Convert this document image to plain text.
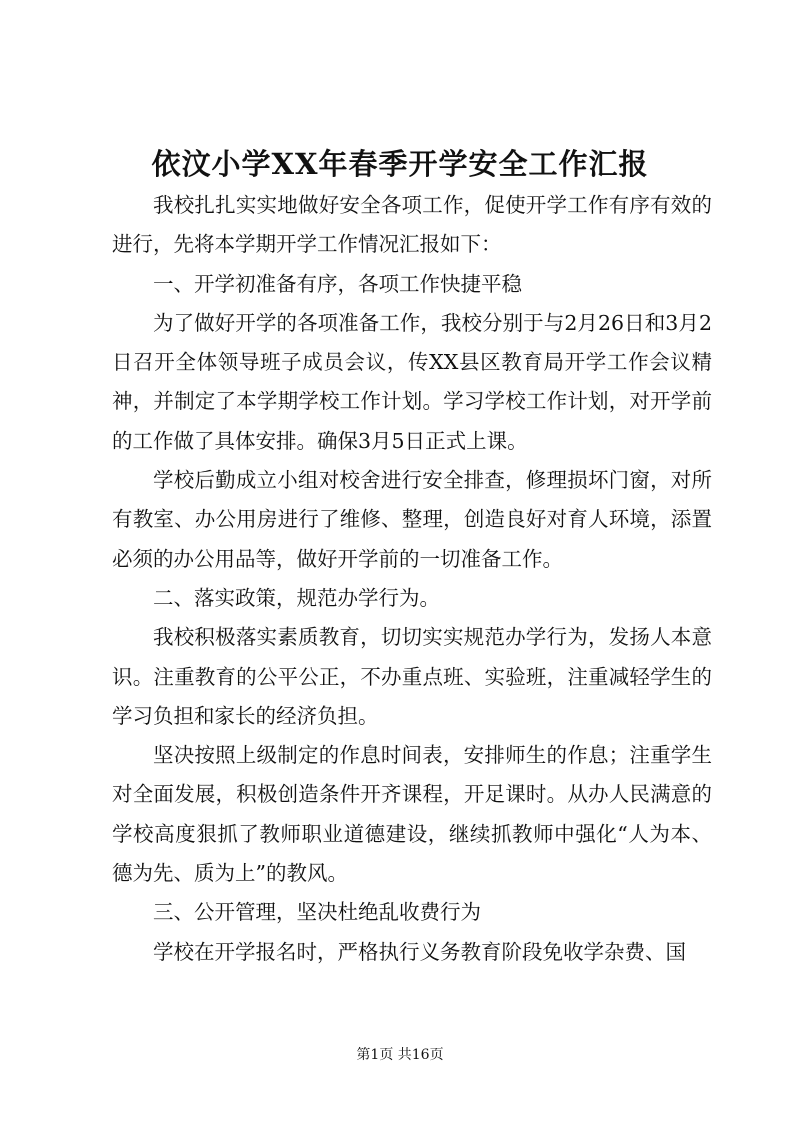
依汶小学XX年春季开学安全工作汇报

我校扎扎实实地做好安全各项工作，促使开学工作有序有效的进行，先将本学期开学工作情况汇报如下：

一、开学初准备有序，各项工作快捷平稳

为了做好开学的各项准备工作，我校分别于与2月26日和3月2日召开全体领导班子成员会议，传XX县区教育局开学工作会议精神，并制定了本学期学校工作计划。学习学校工作计划，对开学前的工作做了具体安排。确保3月5日正式上课。

学校后勤成立小组对校舍进行安全排查，修理损坏门窗，对所有教室、办公用房进行了维修、整理，创造良好对育人环境，添置必须的办公用品等，做好开学前的一切准备工作。

二、落实政策，规范办学行为。

我校积极落实素质教育，切切实实规范办学行为，发扬人本意识。注重教育的公平公正，不办重点班、实验班，注重减轻学生的学习负担和家长的经济负担。

坚决按照上级制定的作息时间表，安排师生的作息；注重学生对全面发展，积极创造条件开齐课程，开足课时。从办人民满意的学校高度狠抓了教师职业道德建设，继续抓教师中强化“人为本、德为先、质为上”的教风。

三、公开管理，坚决杜绝乱收费行为

学校在开学报名时，严格执行义务教育阶段免收学杂费、国

第1页 共16页
